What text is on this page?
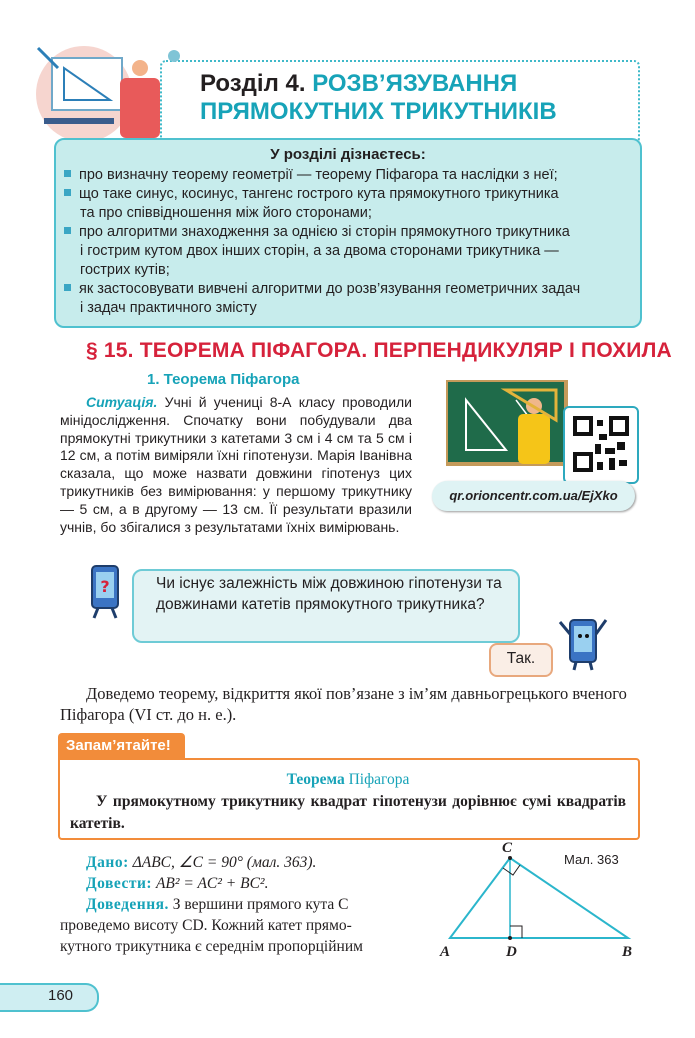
Розділ 4. РОЗВ’ЯЗУВАННЯ
ПРЯМОКУТНИХ ТРИКУТНИКІВ
У розділі дізнаєтесь:
про визначну теорему геометрії — теорему Піфагора та наслідки з неї;
що таке синус, косинус, тангенс гострого кута прямокутного трикутника
та про співвідношення між його сторонами;
про алгоритми знаходження за однією зі сторін прямокутного трикутника
і гострим кутом двох інших сторін, а за двома сторонами трикутника —
гострих кутів;
як застосовувати вивчені алгоритми до розв’язування геометричних задач
і задач практичного змісту
§ 15. ТЕОРЕМА ПІФАГОРА. ПЕРПЕНДИКУЛЯР І ПОХИЛА
1. Теорема Піфагора
Ситуація. Учні й учениці 8-А класу проводили мінідослідження. Спочатку вони побудували два прямокутні трикутники з катетами 3 см і 4 см та 5 см і 12 см, а потім виміряли їхні гіпотенузи. Марія Іванівна сказала, що може назвати довжини гіпотенуз цих трикутників без вимірювання: у першому трикутнику — 5 см, а в другому — 13 см. Її результати вразили учнів, бо збігалися з результатами їхніх вимірювань.
qr.orioncentr.com.ua/EjXko
?	Чи існує залежність між довжиною гіпотенузи та довжинами катетів прямокутного трикутника?
Так.
Доведемо теорему, відкриття якої пов’язане з ім’ям давньогрецького вченого Піфагора (VI ст. до н. е.).
Запам’ятайте!
Теорема Піфагора
У прямокутному трикутнику квадрат гіпотенузи дорівнює сумі квадратів катетів.
Дано: ΔABC, ∠C = 90° (мал. 363).
Довести: AB² = AC² + BC².
Доведення. З вершини прямого кута C
проведемо висоту CD. Кожний катет прямо-
кутного трикутника є середнім пропорційним
C
A	D	B
Мал. 363
160
